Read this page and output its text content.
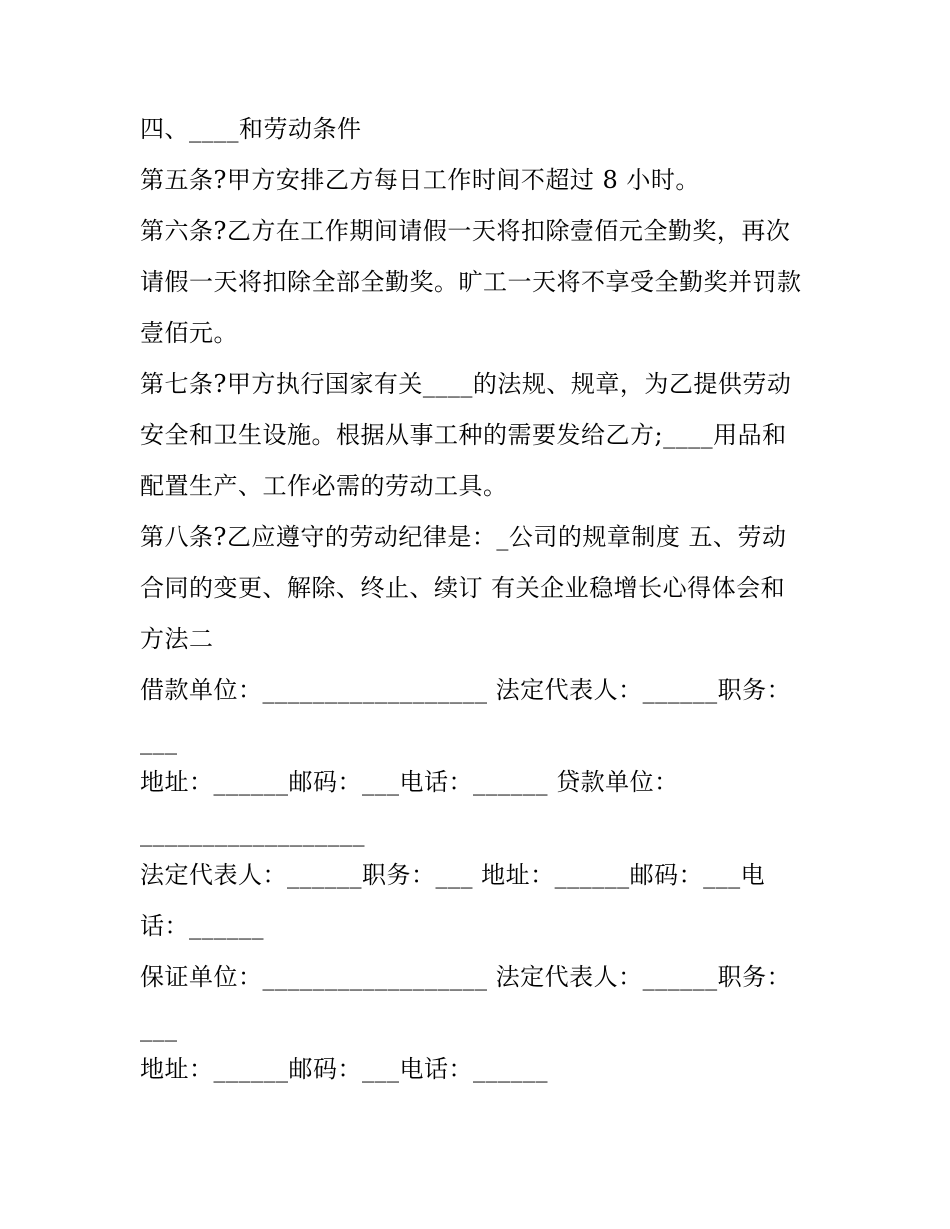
四、____和劳动条件
第五条?甲方安排乙方每日工作时间不超过 8 小时。
第六条?乙方在工作期间请假一天将扣除壹佰元全勤奖，再次
请假一天将扣除全部全勤奖。旷工一天将不享受全勤奖并罚款
壹佰元。
第七条?甲方执行国家有关____的法规、规章，为乙提供劳动
安全和卫生设施。根据从事工种的需要发给乙方;____用品和
配置生产、工作必需的劳动工具。
第八条?乙应遵守的劳动纪律是：_公司的规章制度 五、劳动
合同的变更、解除、终止、续订 有关企业稳增长心得体会和
方法二
借款单位：__________________ 法定代表人：______职务：
___
地址：______邮码：___电话：______ 贷款单位：
__________________
法定代表人：______职务：___ 地址：______邮码：___电
话：______
保证单位：__________________ 法定代表人：______职务：
___
地址：______邮码：___电话：______
